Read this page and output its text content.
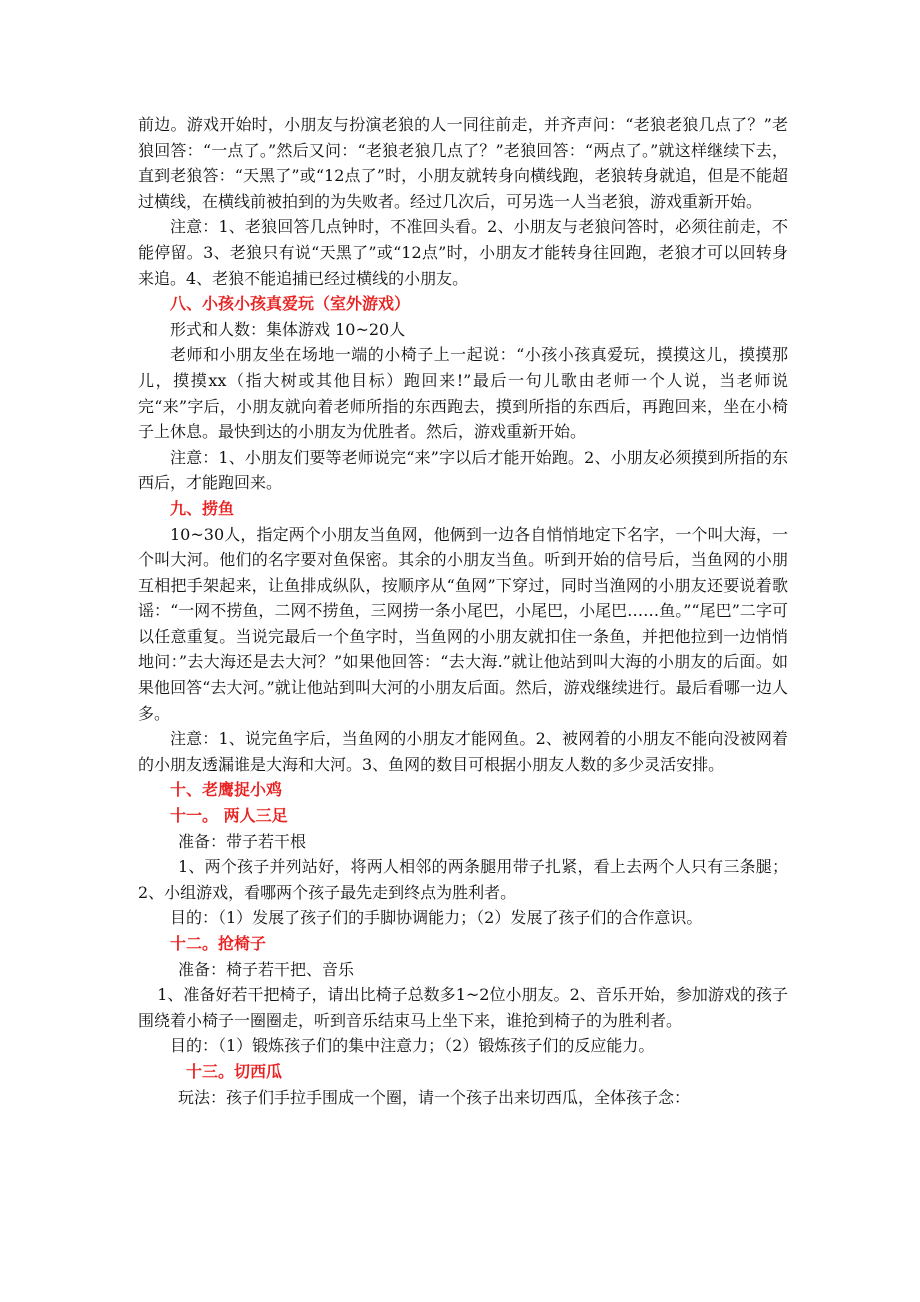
前边。游戏开始时，小朋友与扮演老狼的人一同往前走，并齐声问：“老狼老狼几点了？”老狼回答：“一点了。”然后又问：“老狼老狼几点了？”老狼回答：“两点了。”就这样继续下去，直到老狼答：“天黑了”或“12点了”时，小朋友就转身向横线跑，老狼转身就追，但是不能超过横线，在横线前被拍到的为失败者。经过几次后，可另选一人当老狼，游戏重新开始。

注意：1、老狼回答几点钟时，不准回头看。2、小朋友与老狼问答时，必须往前走，不能停留。3、老狼只有说“天黑了”或“12点”时，小朋友才能转身往回跑，老狼才可以回转身来追。4、老狼不能追捕已经过横线的小朋友。

八、小孩小孩真爱玩（室外游戏）

形式和人数：集体游戏 10~20人

老师和小朋友坐在场地一端的小椅子上一起说：“小孩小孩真爱玩，摸摸这儿，摸摸那儿，摸摸xx（指大树或其他目标）跑回来!”最后一句儿歌由老师一个人说，当老师说完“来”字后，小朋友就向着老师所指的东西跑去，摸到所指的东西后，再跑回来，坐在小椅子上休息。最快到达的小朋友为优胜者。然后，游戏重新开始。

注意：1、小朋友们要等老师说完“来”字以后才能开始跑。2、小朋友必须摸到所指的东西后，才能跑回来。

九、捞鱼

10~30人，指定两个小朋友当鱼网，他俩到一边各自悄悄地定下名字，一个叫大海，一个叫大河。他们的名字要对鱼保密。其余的小朋友当鱼。听到开始的信号后，当鱼网的小朋互相把手架起来，让鱼排成纵队，按顺序从“鱼网”下穿过，同时当渔网的小朋友还要说着歌谣：“一网不捞鱼，二网不捞鱼，三网捞一条小尾巴，小尾巴，小尾巴……鱼。”“尾巴”二字可以任意重复。当说完最后一个鱼字时，当鱼网的小朋友就扣住一条鱼，并把他拉到一边悄悄地问：”去大海还是去大河？”如果他回答：“去大海.”就让他站到叫大海的小朋友的后面。如果他回答“去大河。”就让他站到叫大河的小朋友后面。然后，游戏继续进行。最后看哪一边人多。

注意：1、说完鱼字后，当鱼网的小朋友才能网鱼。2、被网着的小朋友不能向没被网着的小朋友透漏谁是大海和大河。3、鱼网的数目可根据小朋友人数的多少灵活安排。

十、老鹰捉小鸡

十一。 两人三足

准备：带子若干根

1、两个孩子并列站好，将两人相邻的两条腿用带子扎紧，看上去两个人只有三条腿；2、小组游戏，看哪两个孩子最先走到终点为胜利者。

目的：（1）发展了孩子们的手脚协调能力；（2）发展了孩子们的合作意识。

十二。抢椅子

准备：椅子若干把、音乐

1、准备好若干把椅子，请出比椅子总数多1~2位小朋友。2、音乐开始，参加游戏的孩子围绕着小椅子一圈圈走，听到音乐结束马上坐下来，谁抢到椅子的为胜利者。

目的：（1）锻炼孩子们的集中注意力；（2）锻炼孩子们的反应能力。

十三。切西瓜

玩法：孩子们手拉手围成一个圈，请一个孩子出来切西瓜，全体孩子念：
